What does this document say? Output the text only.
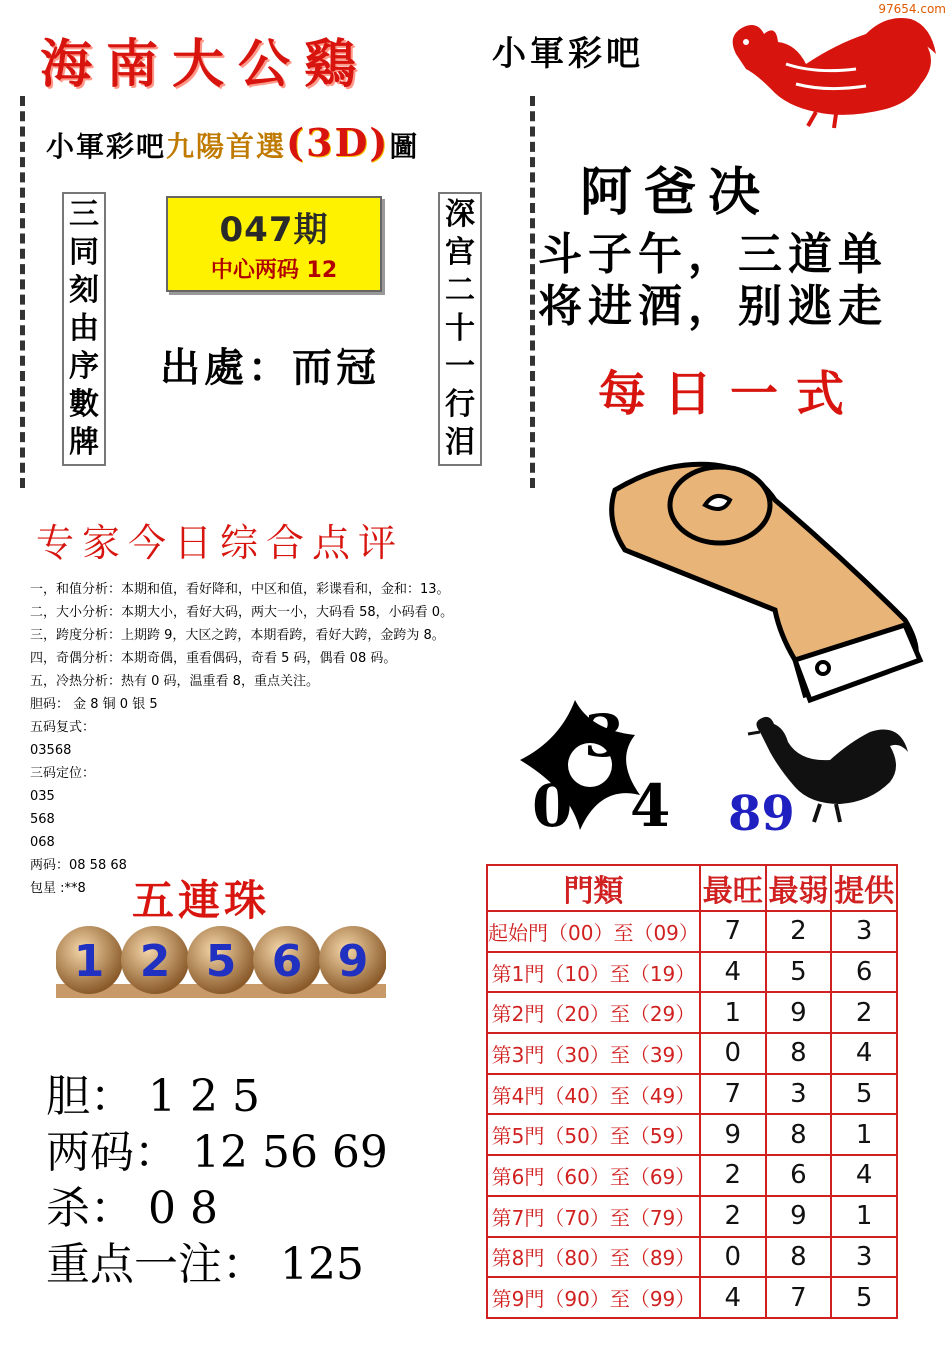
97654.com
海南大公鷄	小軍彩吧
小軍彩吧九陽首選(3D)圖
三同刻由序數牌
深宫二十一行泪
047期
中心两码 12
出處：而冠
阿爸决
斗子午，三道单
将进酒，别逃走
每日一式
3
0 4 89
专家今日综合点评
一，和值分析：本期和值，看好降和，中区和值，彩谍看和，金和：13。
二，大小分析：本期大小，看好大码，两大一小，大码看 58，小码看 0。
三，跨度分析：上期跨 9，大区之跨，本期看跨，看好大跨，金跨为 8。
四，奇偶分析：本期奇偶，重看偶码，奇看 5 码，偶看 08 码。
五，冷热分析：热有 0 码，温重看 8，重点关注。
胆码： 金 8 铜 0 银 5
五码复式：
03568
三码定位：
035
568
068
两码：08 58 68
包星 :**8	五連珠
1 2 5 6 9
胆： 1 2 5
两码： 12 56 69
杀： 0 8
重点一注： 125
門類	最旺	最弱	提供
起始門（00）至（09）	7	2	3
第1門（10）至（19）	4	5	6
第2門（20）至（29）	1	9	2
第3門（30）至（39）	0	8	4
第4門（40）至（49）	7	3	5
第5門（50）至（59）	9	8	1
第6門（60）至（69）	2	6	4
第7門（70）至（79）	2	9	1
第8門（80）至（89）	0	8	3
第9門（90）至（99）	4	7	5
